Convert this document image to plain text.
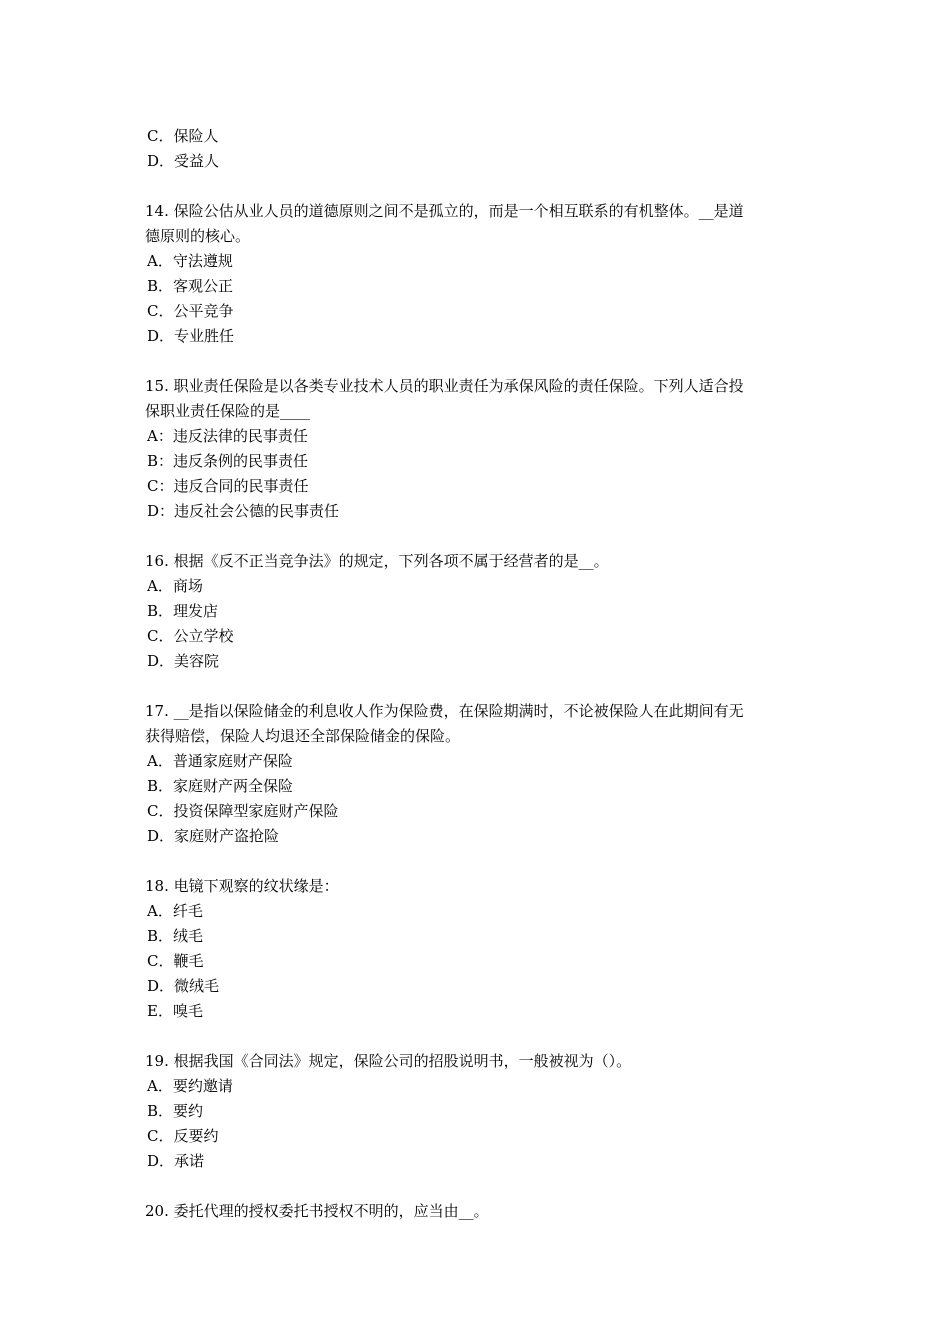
C．保险人
D．受益人
14. 保险公估从业人员的道德原则之间不是孤立的，而是一个相互联系的有机整体。__是道
德原则的核心。
A．守法遵规
B．客观公正
C．公平竞争
D．专业胜任
15. 职业责任保险是以各类专业技术人员的职业责任为承保风险的责任保险。下列人适合投
保职业责任保险的是____
A：违反法律的民事责任
B：违反条例的民事责任
C：违反合同的民事责任
D：违反社会公德的民事责任
16. 根据《反不正当竞争法》的规定，下列各项不属于经营者的是__。
A．商场
B．理发店
C．公立学校
D．美容院
17. __是指以保险储金的利息收人作为保险费，在保险期满时，不论被保险人在此期间有无
获得赔偿，保险人均退还全部保险储金的保险。
A．普通家庭财产保险
B．家庭财产两全保险
C．投资保障型家庭财产保险
D．家庭财产盗抢险
18. 电镜下观察的纹状缘是：
A．纤毛
B．绒毛
C．鞭毛
D．微绒毛
E．嗅毛
19. 根据我国《合同法》规定，保险公司的招股说明书，一般被视为（）。
A．要约邀请
B．要约
C．反要约
D．承诺
20. 委托代理的授权委托书授权不明的，应当由__。
